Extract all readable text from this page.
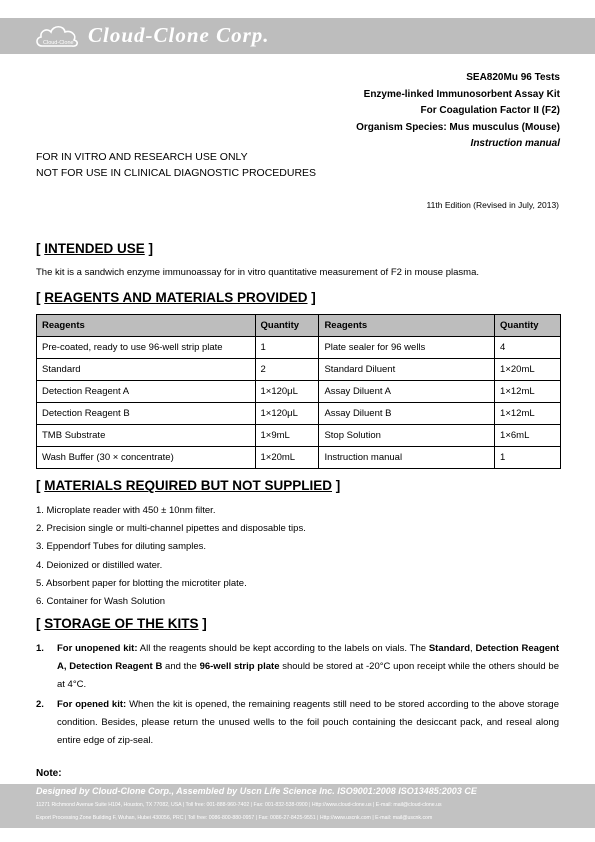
Cloud-Clone Cloud-Clone Corp.
SEA820Mu 96 Tests
Enzyme-linked Immunosorbent Assay Kit
For Coagulation Factor II (F2)
Organism Species: Mus musculus (Mouse)
Instruction manual
FOR IN VITRO AND RESEARCH USE ONLY
NOT FOR USE IN CLINICAL DIAGNOSTIC PROCEDURES
11th Edition (Revised in July, 2013)
[ INTENDED USE ]
The kit is a sandwich enzyme immunoassay for in vitro quantitative measurement of F2 in mouse plasma.
[ REAGENTS AND MATERIALS PROVIDED ]
Reagents	Quantity	Reagents	Quantity
Pre-coated, ready to use 96-well strip plate	1	Plate sealer for 96 wells	4
Standard	2	Standard Diluent	1×20mL
Detection Reagent A	1×120μL	Assay Diluent A	1×12mL
Detection Reagent B	1×120μL	Assay Diluent B	1×12mL
TMB Substrate	1×9mL	Stop Solution	1×6mL
Wash Buffer (30 × concentrate)	1×20mL	Instruction manual	1
[ MATERIALS REQUIRED BUT NOT SUPPLIED ]
1. Microplate reader with 450 ± 10nm filter.
2. Precision single or multi-channel pipettes and disposable tips.
3. Eppendorf Tubes for diluting samples.
4. Deionized or distilled water.
5. Absorbent paper for blotting the microtiter plate.
6. Container for Wash Solution
[ STORAGE OF THE KITS ]
1. For unopened kit: All the reagents should be kept according to the labels on vials. The Standard, Detection Reagent A, Detection Reagent B and the 96-well strip plate should be stored at -20°C upon receipt while the others should be at 4°C.
2. For opened kit: When the kit is opened, the remaining reagents still need to be stored according to the above storage condition. Besides, please return the unused wells to the foil pouch containing the desiccant pack, and reseal along entire edge of zip-seal.
Note:
Designed by Cloud-Clone Corp., Assembled by Uscn Life Science Inc. ISO9001:2008 ISO13485:2003 CE
11271 Richmond Avenue Suite H104, Houston, TX 77082, USA | Toll free: 001-888-960-7402 | Fax: 001-832-538-0900 | Http://www.cloud-clone.us | E-mail: mail@cloud-clone.us
Export Processing Zone Building F, Wuhan, Hubei 430056, PRC | Toll free: 0086-800-880-0957 | Fax: 0086-27-8425-9551 | Http://www.uscnk.com | E-mail: mail@uscnk.com
